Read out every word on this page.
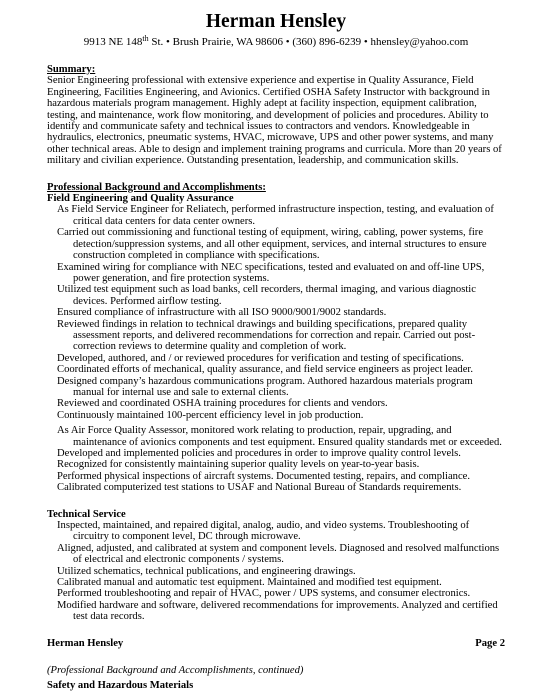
Herman Hensley
9913 NE 148th St. • Brush Prairie, WA 98606 • (360) 896-6239 • hhensley@yahoo.com
Summary:
Senior Engineering professional with extensive experience and expertise in Quality Assurance, Field Engineering, Facilities Engineering, and Avionics. Certified OSHA Safety Instructor with background in hazardous materials program management. Highly adept at facility inspection, equipment calibration, testing, and maintenance, work flow monitoring, and development of policies and procedures. Ability to identify and communicate safety and technical issues to contractors and vendors. Knowledgeable in hydraulics, electronics, pneumatic systems, HVAC, microwave, UPS and other power systems, and many other technical areas. Able to design and implement training programs and curricula. More than 20 years of military and civilian experience. Outstanding presentation, leadership, and communication skills.
Professional Background and Accomplishments:
Field Engineering and Quality Assurance
As Field Service Engineer for Reliatech, performed infrastructure inspection, testing, and evaluation of critical data centers for data center owners.
Carried out commissioning and functional testing of equipment, wiring, cabling, power systems, fire detection/suppression systems, and all other equipment, services, and internal structures to ensure construction completed in compliance with specifications.
Examined wiring for compliance with NEC specifications, tested and evaluated on and off-line UPS, power generation, and fire protection systems.
Utilized test equipment such as load banks, cell recorders, thermal imaging, and various diagnostic devices. Performed airflow testing.
Ensured compliance of infrastructure with all ISO 9000/9001/9002 standards.
Reviewed findings in relation to technical drawings and building specifications, prepared quality assessment reports, and delivered recommendations for correction and repair. Carried out post-correction reviews to determine quality and completion of work.
Developed, authored, and / or reviewed procedures for verification and testing of specifications.
Coordinated efforts of mechanical, quality assurance, and field service engineers as project leader.
Designed company’s hazardous communications program. Authored hazardous materials program manual for internal use and sale to external clients.
Reviewed and coordinated OSHA training procedures for clients and vendors.
Continuously maintained 100-percent efficiency level in job production.
As Air Force Quality Assessor, monitored work relating to production, repair, upgrading, and maintenance of avionics components and test equipment. Ensured quality standards met or exceeded.
Developed and implemented policies and procedures in order to improve quality control levels.
Recognized for consistently maintaining superior quality levels on year-to-year basis.
Performed physical inspections of aircraft systems. Documented testing, repairs, and compliance.
Calibrated computerized test stations to USAF and National Bureau of Standards requirements.
Technical Service
Inspected, maintained, and repaired digital, analog, audio, and video systems. Troubleshooting of circuitry to component level, DC through microwave.
Aligned, adjusted, and calibrated at system and component levels. Diagnosed and resolved malfunctions of electrical and electronic components / systems.
Utilized schematics, technical publications, and engineering drawings.
Calibrated manual and automatic test equipment. Maintained and modified test equipment.
Performed troubleshooting and repair of HVAC, power / UPS systems, and consumer electronics.
Modified hardware and software, delivered recommendations for improvements. Analyzed and certified test data records.
Herman Hensley	Page 2
(Professional Background and Accomplishments, continued)
Safety and Hazardous Materials
